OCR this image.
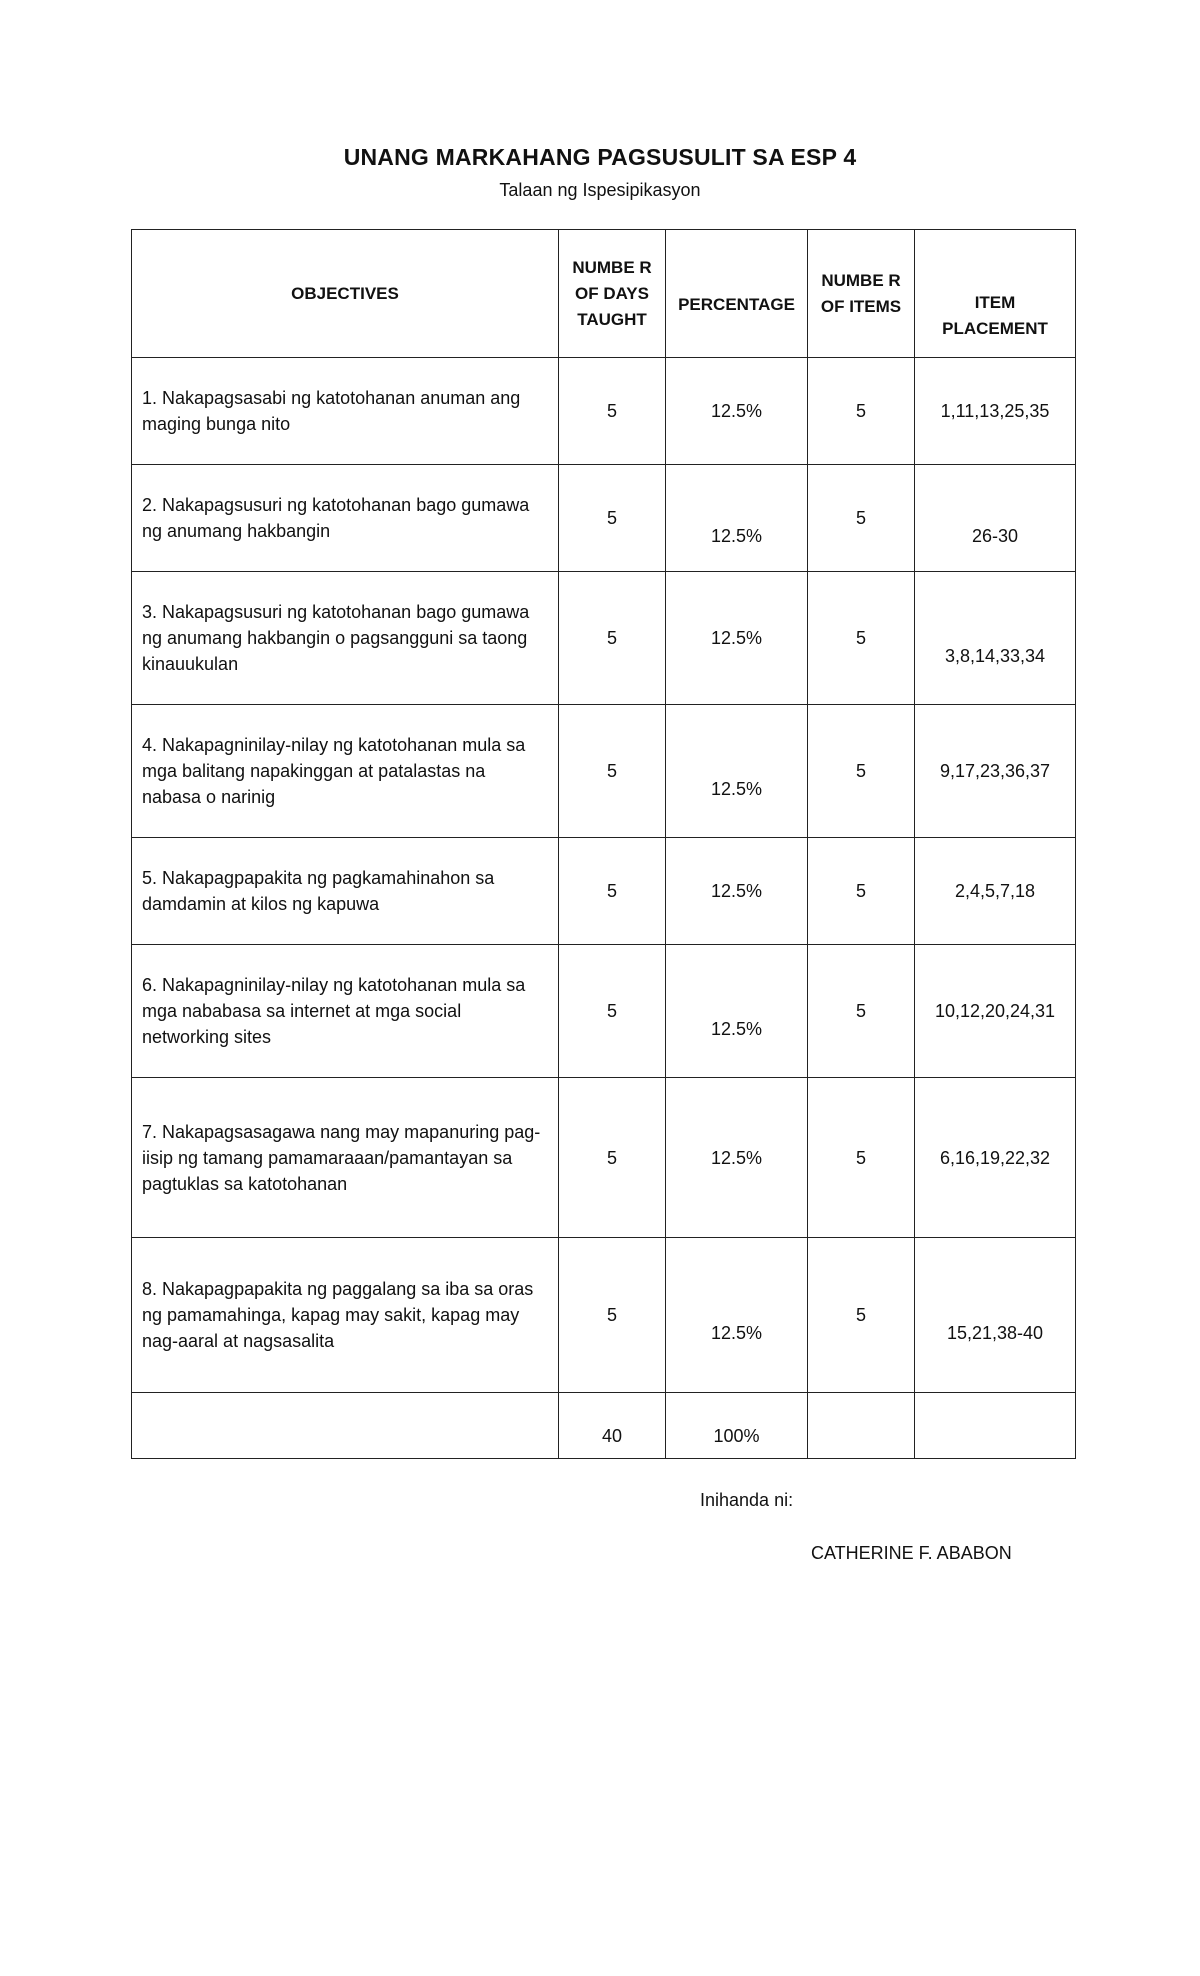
UNANG MARKAHANG PAGSUSULIT SA ESP 4
Talaan ng Ispesipikasyon
OBJECTIVES	NUMBE R OF DAYS TAUGHT	PERCENTAGE	NUMBE R OF ITEMS	ITEM PLACEMENT
1. Nakapagsasabi ng katotohanan anuman ang maging bunga nito	5	12.5%	5	1,11,13,25,35
2. Nakapagsusuri ng katotohanan bago gumawa ng anumang hakbangin	5	12.5%	5	26-30
3. Nakapagsusuri ng katotohanan bago gumawa ng anumang hakbangin o pagsangguni sa taong kinauukulan	5	12.5%	5	3,8,14,33,34
4. Nakapagninilay-nilay ng katotohanan mula sa mga balitang napakinggan at patalastas na nabasa o narinig	5	12.5%	5	9,17,23,36,37
5. Nakapagpapakita ng pagkamahinahon sa damdamin at kilos ng kapuwa	5	12.5%	5	2,4,5,7,18
6. Nakapagninilay-nilay ng katotohanan mula sa mga nababasa sa internet at mga social networking sites	5	12.5%	5	10,12,20,24,31
7. Nakapagsasagawa nang may mapanuring pag-iisip ng tamang pamamaraaan/pamantayan sa pagtuklas sa katotohanan	5	12.5%	5	6,16,19,22,32
8. Nakapagpapakita ng paggalang sa iba sa oras ng pamamahinga, kapag may sakit, kapag may nag-aaral at nagsasalita	5	12.5%	5	15,21,38-40
	40	100%		
Inihanda ni:
CATHERINE F. ABABON
